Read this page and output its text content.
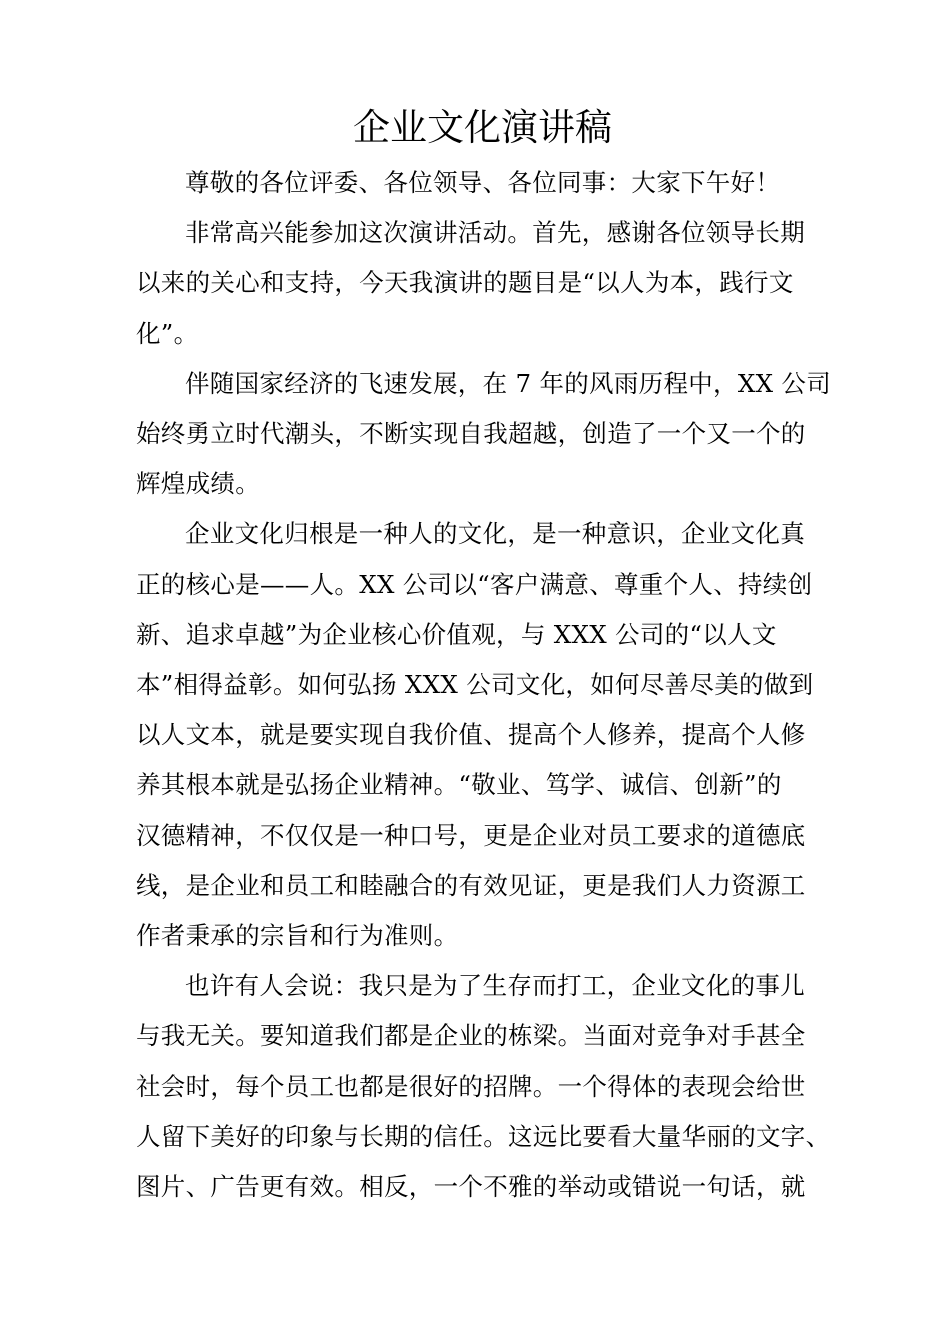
企业文化演讲稿

尊敬的各位评委、各位领导、各位同事：大家下午好！

非常高兴能参加这次演讲活动。首先，感谢各位领导长期
以来的关心和支持，今天我演讲的题目是“以人为本，践行文
化”。

伴随国家经济的飞速发展，在 7 年的风雨历程中，XX 公司
始终勇立时代潮头，不断实现自我超越，创造了一个又一个的
辉煌成绩。

企业文化归根是一种人的文化，是一种意识，企业文化真
正的核心是——人。XX 公司以“客户满意、尊重个人、持续创
新、追求卓越”为企业核心价值观，与 XXX 公司的“以人文
本”相得益彰。如何弘扬 XXX 公司文化，如何尽善尽美的做到
以人文本，就是要实现自我价值、提高个人修养，提高个人修
养其根本就是弘扬企业精神。“敬业、笃学、诚信、创新”的
汉德精神，不仅仅是一种口号，更是企业对员工要求的道德底
线，是企业和员工和睦融合的有效见证，更是我们人力资源工
作者秉承的宗旨和行为准则。

也许有人会说：我只是为了生存而打工，企业文化的事儿
与我无关。要知道我们都是企业的栋梁。当面对竞争对手甚全
社会时，每个员工也都是很好的招牌。一个得体的表现会给世
人留下美好的印象与长期的信任。这远比要看大量华丽的文字、
图片、广告更有效。相反，一个不雅的举动或错说一句话，就
